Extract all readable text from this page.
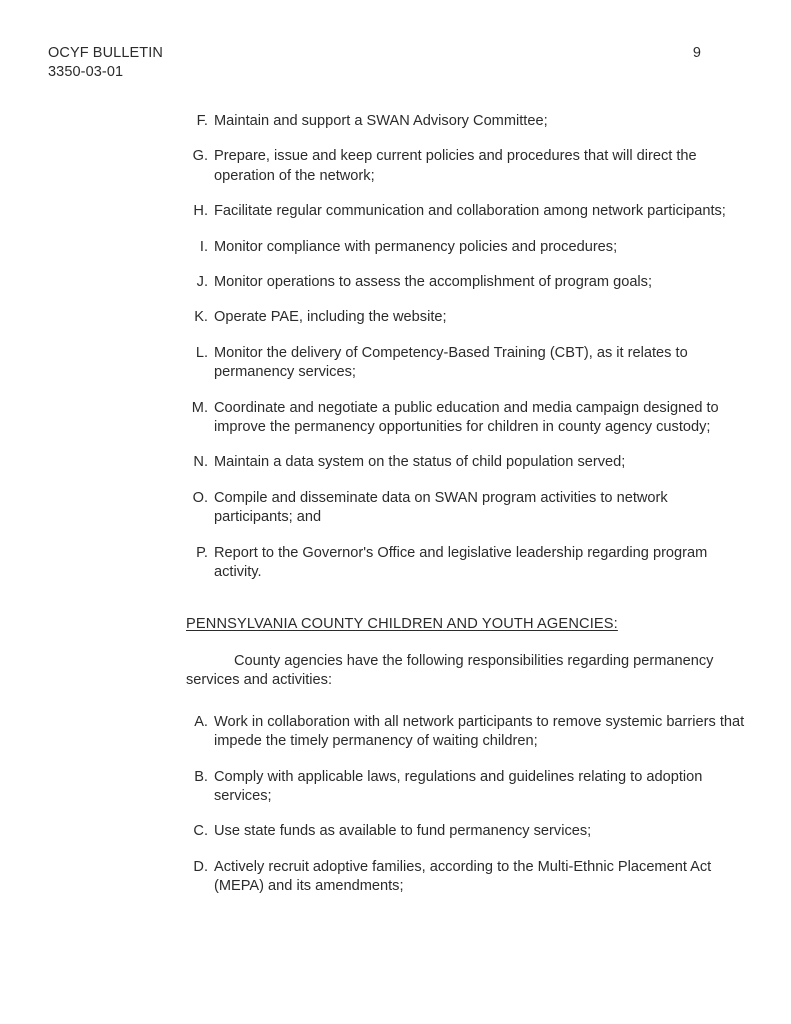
OCYF BULLETIN
3350-03-01
9
F. Maintain and support a SWAN Advisory Committee;
G. Prepare, issue and keep current policies and procedures that will direct the operation of the network;
H. Facilitate regular communication and collaboration among network participants;
I. Monitor compliance with permanency policies and procedures;
J. Monitor operations to assess the accomplishment of program goals;
K. Operate PAE, including the website;
L. Monitor the delivery of Competency-Based Training (CBT), as it relates to permanency services;
M. Coordinate and negotiate a public education and media campaign designed to improve the permanency opportunities for children in county agency custody;
N. Maintain a data system on the status of child population served;
O. Compile and disseminate data on SWAN program activities to network participants; and
P. Report to the Governor's Office and legislative leadership regarding program activity.
PENNSYLVANIA COUNTY CHILDREN AND YOUTH AGENCIES:

County agencies have the following responsibilities regarding permanency services and activities:

A. Work in collaboration with all network participants to remove systemic barriers that impede the timely permanency of waiting children;
B. Comply with applicable laws, regulations and guidelines relating to adoption services;
C. Use state funds as available to fund permanency services;
D. Actively recruit adoptive families, according to the Multi-Ethnic Placement Act (MEPA) and its amendments;
